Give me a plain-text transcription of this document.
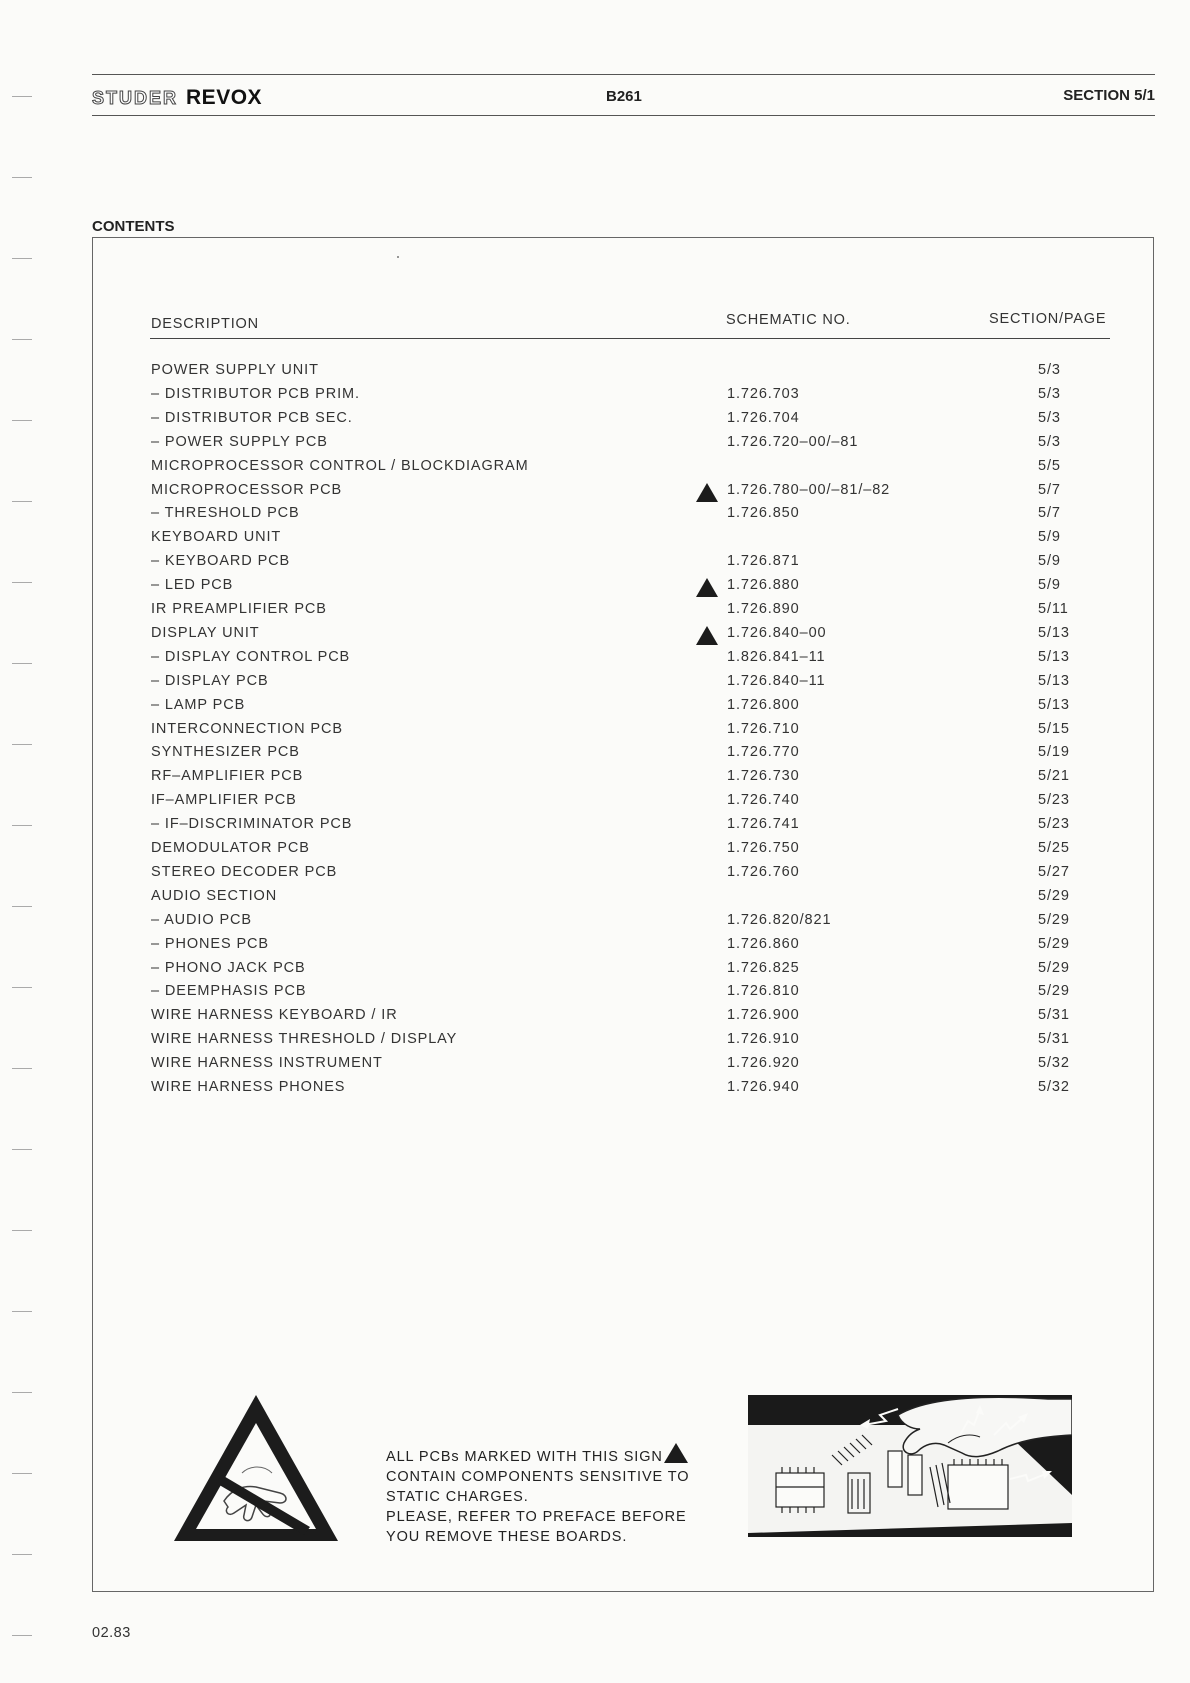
STUDER REVOX	B261	SECTION 5/1
CONTENTS
DESCRIPTION	SCHEMATIC NO.	SECTION/PAGE
POWER SUPPLY UNIT	5/3
– DISTRIBUTOR PCB PRIM.	1.726.703	5/3
– DISTRIBUTOR PCB SEC.	1.726.704	5/3
– POWER SUPPLY PCB	1.726.720–00/–81	5/3
MICROPROCESSOR CONTROL / BLOCKDIAGRAM	5/5
MICROPROCESSOR PCB	1.726.780–00/–81/–82	5/7
– THRESHOLD PCB	1.726.850	5/7
KEYBOARD UNIT	5/9
– KEYBOARD PCB	1.726.871	5/9
– LED PCB	1.726.880	5/9
IR PREAMPLIFIER PCB	1.726.890	5/11
DISPLAY UNIT	1.726.840–00	5/13
– DISPLAY CONTROL PCB	1.826.841–11	5/13
– DISPLAY PCB	1.726.840–11	5/13
– LAMP PCB	1.726.800	5/13
INTERCONNECTION PCB	1.726.710	5/15
SYNTHESIZER PCB	1.726.770	5/19
RF–AMPLIFIER PCB	1.726.730	5/21
IF–AMPLIFIER PCB	1.726.740	5/23
– IF–DISCRIMINATOR PCB	1.726.741	5/23
DEMODULATOR PCB	1.726.750	5/25
STEREO DECODER PCB	1.726.760	5/27
AUDIO SECTION	5/29
– AUDIO PCB	1.726.820/821	5/29
– PHONES PCB	1.726.860	5/29
– PHONO JACK PCB	1.726.825	5/29
– DEEMPHASIS PCB	1.726.810	5/29
WIRE HARNESS KEYBOARD / IR	1.726.900	5/31
WIRE HARNESS THRESHOLD / DISPLAY	1.726.910	5/31
WIRE HARNESS INSTRUMENT	1.726.920	5/32
WIRE HARNESS PHONES	1.726.940	5/32
ALL PCBs MARKED WITH THIS SIGN
CONTAIN COMPONENTS SENSITIVE TO
STATIC CHARGES.
PLEASE, REFER TO PREFACE BEFORE
YOU REMOVE THESE BOARDS.
02.83
